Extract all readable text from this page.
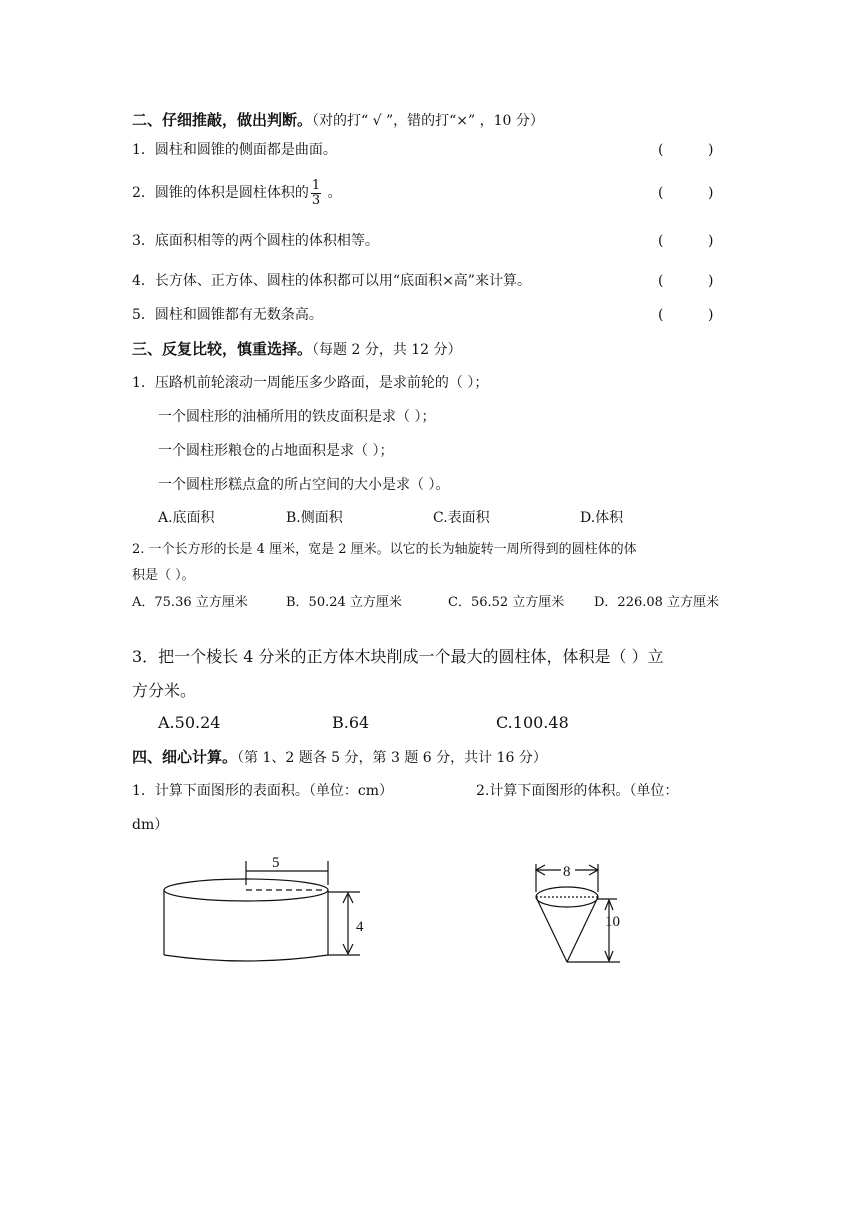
二、仔细推敲，做出判断。（对的打“ √ ”，错的打“×” ，10 分）
1．圆柱和圆锥的侧面都是曲面。	(          )
2．圆锥的体积是圆柱体积的 $\frac{1}{3}$ 。	(          )
3．底面积相等的两个圆柱的体积相等。	(          )
4．长方体、正方体、圆柱的体积都可以用“底面积×高”来计算。	(          )
5．圆柱和圆锥都有无数条高。	(          )
三、反复比较，慎重选择。（每题 2 分，共 12 分）
1．压路机前轮滚动一周能压多少路面，是求前轮的（ ）；
一个圆柱形的油桶所用的铁皮面积是求（ ）；
一个圆柱形粮仓的占地面积是求（ ）；
一个圆柱形糕点盒的所占空间的大小是求（ ）。
A.底面积	B.侧面积	C.表面积	D.体积
2. 一个长方形的长是 4 厘米，宽是 2 厘米。以它的长为轴旋转一周所得到的圆柱体的体
积是（ ）。
A．75.36 立方厘米	B．50.24 立方厘米	C．56.52 立方厘米 D．226.08 立方厘米
3．把一个棱长 4 分米的正方体木块削成一个最大的圆柱体，体积是（ ）立
方分米。
A.50.24	B.64	C.100.48
四、细心计算。（第 1、2 题各 5 分，第 3 题 6 分，共计 16 分）
1．计算下面图形的表面积。（单位：cm）	2.计算下面图形的体积。（单位：
dm）
5
4
8
10
